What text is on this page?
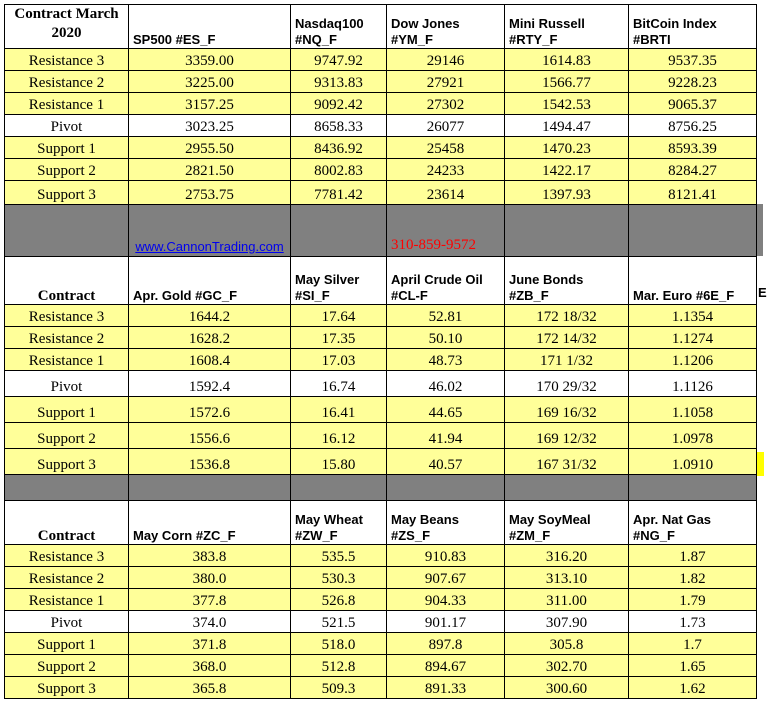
Contract March 2020	SP500 #ES_F	Nasdaq100 #NQ_F	Dow Jones #YM_F	Mini Russell #RTY_F	BitCoin Index #BRTI
Resistance 3	3359.00	9747.92	29146	1614.83	9537.35
Resistance 2	3225.00	9313.83	27921	1566.77	9228.23
Resistance 1	3157.25	9092.42	27302	1542.53	9065.37
Pivot	3023.25	8658.33	26077	1494.47	8756.25
Support 1	2955.50	8436.92	25458	1470.23	8593.39
Support 2	2821.50	8002.83	24233	1422.17	8284.27
Support 3	2753.75	7781.42	23614	1397.93	8121.41
	www.CannonTrading.com		310-859-9572		
Contract	Apr. Gold #GC_F	May Silver #SI_F	April Crude Oil #CL-F	June Bonds #ZB_F	Mar. Euro #6E_F
Resistance 3	1644.2	17.64	52.81	172 18/32	1.1354
Resistance 2	1628.2	17.35	50.10	172 14/32	1.1274
Resistance 1	1608.4	17.03	48.73	171 1/32	1.1206
Pivot	1592.4	16.74	46.02	170 29/32	1.1126
Support 1	1572.6	16.41	44.65	169 16/32	1.1058
Support 2	1556.6	16.12	41.94	169 12/32	1.0978
Support 3	1536.8	15.80	40.57	167 31/32	1.0910

Contract	May Corn #ZC_F	May Wheat #ZW_F	May Beans #ZS_F	May SoyMeal #ZM_F	Apr. Nat Gas #NG_F
Resistance 3	383.8	535.5	910.83	316.20	1.87
Resistance 2	380.0	530.3	907.67	313.10	1.82
Resistance 1	377.8	526.8	904.33	311.00	1.79
Pivot	374.0	521.5	901.17	307.90	1.73
Support 1	371.8	518.0	897.8	305.8	1.7
Support 2	368.0	512.8	894.67	302.70	1.65
Support 3	365.8	509.3	891.33	300.60	1.62
E
